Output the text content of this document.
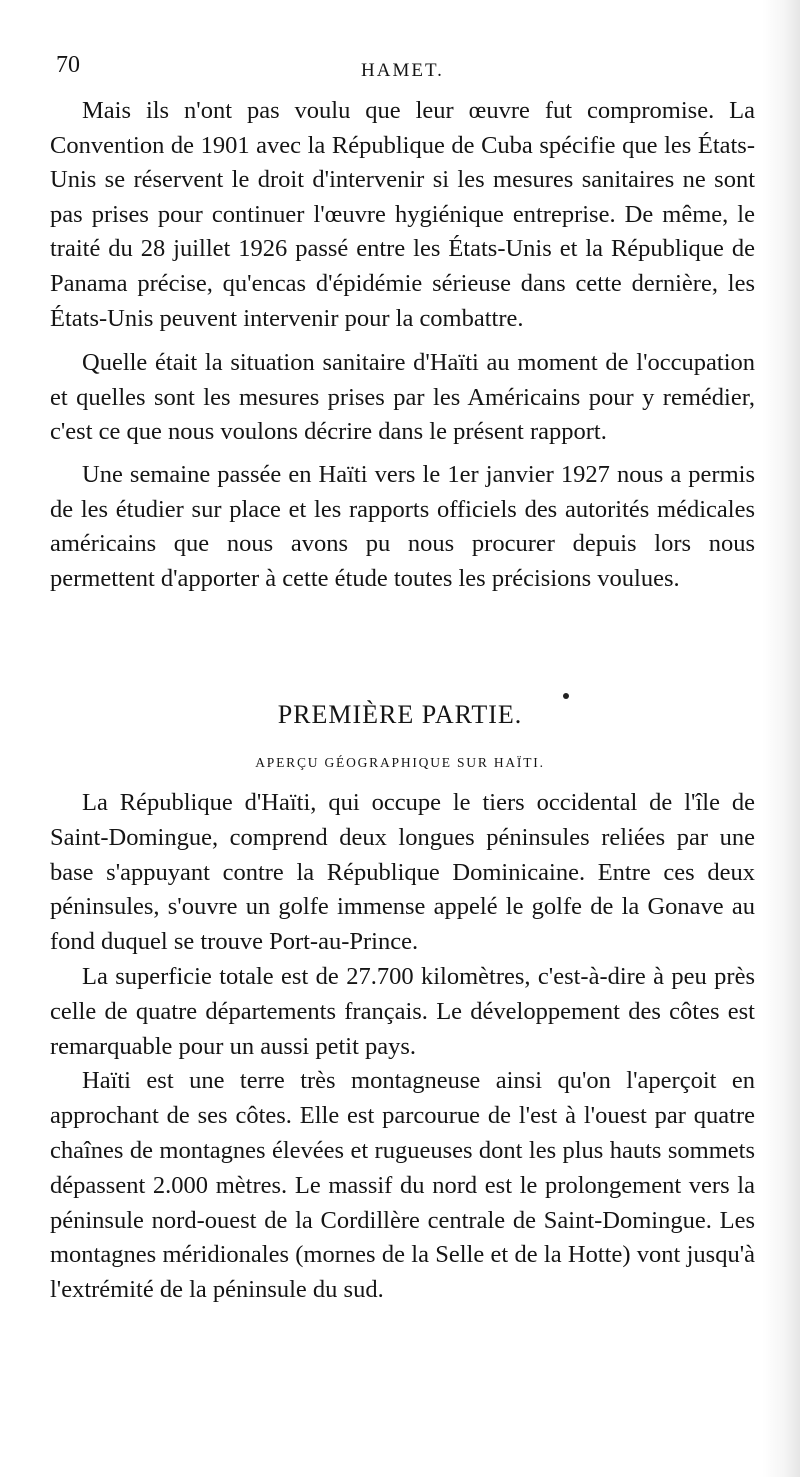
70	HAMET.

Mais ils n'ont pas voulu que leur œuvre fut compromise. La Convention de 1901 avec la République de Cuba spécifie que les États-Unis se réservent le droit d'intervenir si les mesures sanitaires ne sont pas prises pour continuer l'œuvre hygiénique entreprise. De même, le traité du 28 juillet 1926 passé entre les États-Unis et la République de Panama précise, qu'encas d'épidémie sérieuse dans cette dernière, les États-Unis peuvent intervenir pour la combattre.

Quelle était la situation sanitaire d'Haïti au moment de l'occupation et quelles sont les mesures prises par les Américains pour y remédier, c'est ce que nous voulons décrire dans le présent rapport.

Une semaine passée en Haïti vers le 1er janvier 1927 nous a permis de les étudier sur place et les rapports officiels des autorités médicales américains que nous avons pu nous procurer depuis lors nous permettent d'apporter à cette étude toutes les précisions voulues.

PREMIÈRE PARTIE.
APERÇU GÉOGRAPHIQUE SUR HAÏTI.

La République d'Haïti, qui occupe le tiers occidental de l'île de Saint-Domingue, comprend deux longues péninsules reliées par une base s'appuyant contre la République Dominicaine. Entre ces deux péninsules, s'ouvre un golfe immense appelé le golfe de la Gonave au fond duquel se trouve Port-au-Prince.

La superficie totale est de 27.700 kilomètres, c'est-à-dire à peu près celle de quatre départements français. Le développement des côtes est remarquable pour un aussi petit pays.

Haïti est une terre très montagneuse ainsi qu'on l'aperçoit en approchant de ses côtes. Elle est parcourue de l'est à l'ouest par quatre chaînes de montagnes élevées et rugueuses dont les plus hauts sommets dépassent 2.000 mètres. Le massif du nord est le prolongement vers la péninsule nord-ouest de la Cordillère centrale de Saint-Domingue. Les montagnes méridionales (mornes de la Selle et de la Hotte) vont jusqu'à l'extrémité de la péninsule du sud.
